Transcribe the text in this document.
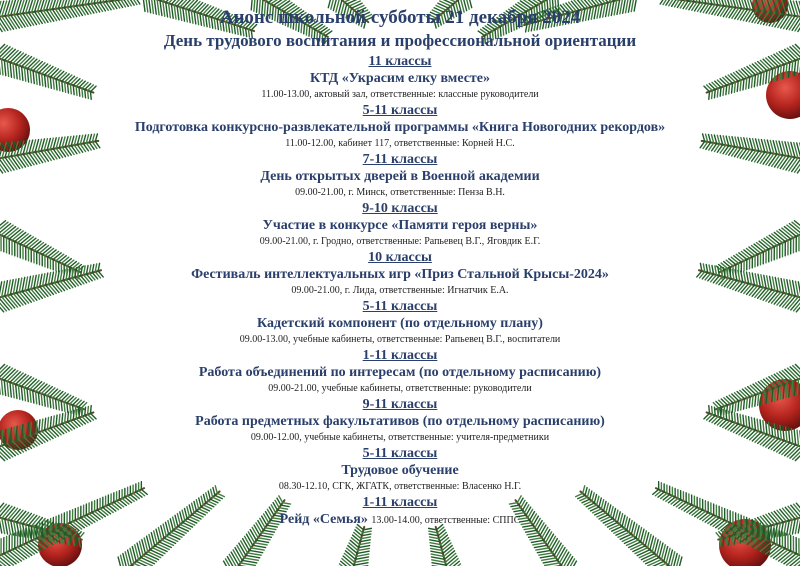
Анонс школьной субботы 21 декабря 2024
День трудового воспитания и профессиональной ориентации
11 классы
КТД «Украсим елку вместе»
11.00-13.00, актовый зал, ответственные: классные руководители
5-11 классы
Подготовка конкурсно-развлекательной программы «Книга Новогодних рекордов»
11.00-12.00, кабинет 117, ответственные: Корней Н.С.
7-11 классы
День открытых дверей в Военной академии
09.00-21.00, г. Минск, ответственные: Пенза В.Н.
9-10 классы
Участие в конкурсе «Памяти героя верны»
09.00-21.00, г. Гродно, ответственные: Рапьевец В.Г., Яговдик Е.Г.
10 классы
Фестиваль интеллектуальных игр «Приз Стальной Крысы-2024»
09.00-21.00, г. Лида, ответственные: Игнатчик Е.А.
5-11 классы
Кадетский компонент (по отдельному плану)
09.00-13.00, учебные кабинеты, ответственные: Рапьевец В.Г., воспитатели
1-11 классы
Работа объединений по интересам (по отдельному расписанию)
09.00-21.00, учебные кабинеты, ответственные: руководители
9-11 классы
Работа предметных факультативов (по отдельному расписанию)
09.00-12.00, учебные кабинеты, ответственные: учителя-предметники
5-11 классы
Трудовое обучение
08.30-12.10, СГК, ЖГАТК, ответственные: Власенко Н.Г.
1-11 классы
Рейд «Семья» 13.00-14.00, ответственные: СППС
